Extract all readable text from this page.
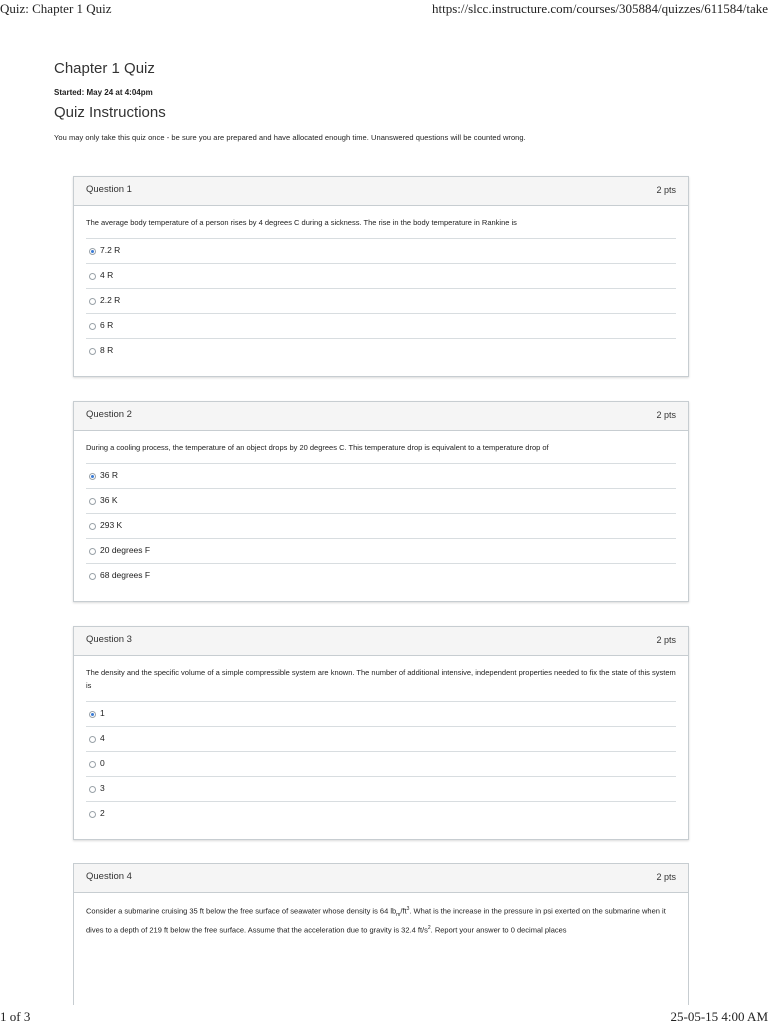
Quiz: Chapter 1 Quiz	https://slcc.instructure.com/courses/305884/quizzes/611584/take
Chapter 1 Quiz
Started: May 24 at 4:04pm
Quiz Instructions
You may only take this quiz once - be sure you are prepared and have allocated enough time. Unanswered questions will be counted wrong.
Question 1	2 pts
The average body temperature of a person rises by 4 degrees C during a sickness. The rise in the body temperature in Rankine is
7.2 R
4 R
2.2 R
6 R
8 R
Question 2	2 pts
During a cooling process, the temperature of an object drops by 20 degrees C. This temperature drop is equivalent to a temperature drop of
36 R
36 K
293 K
20 degrees F
68 degrees F
Question 3	2 pts
The density and the specific volume of a simple compressible system are known. The number of additional intensive, independent properties needed to fix the state of this system is
1
4
0
3
2
Question 4	2 pts
Consider a submarine cruising 35 ft below the free surface of seawater whose density is 64 $lb_m/ft^3$. What is the increase in the pressure in psi exerted on the submarine when it dives to a depth of 219 ft below the free surface. Assume that the acceleration due to gravity is 32.4 $ft/s^2$. Report your answer to 0 decimal places
1 of 3	25-05-15 4:00 AM
